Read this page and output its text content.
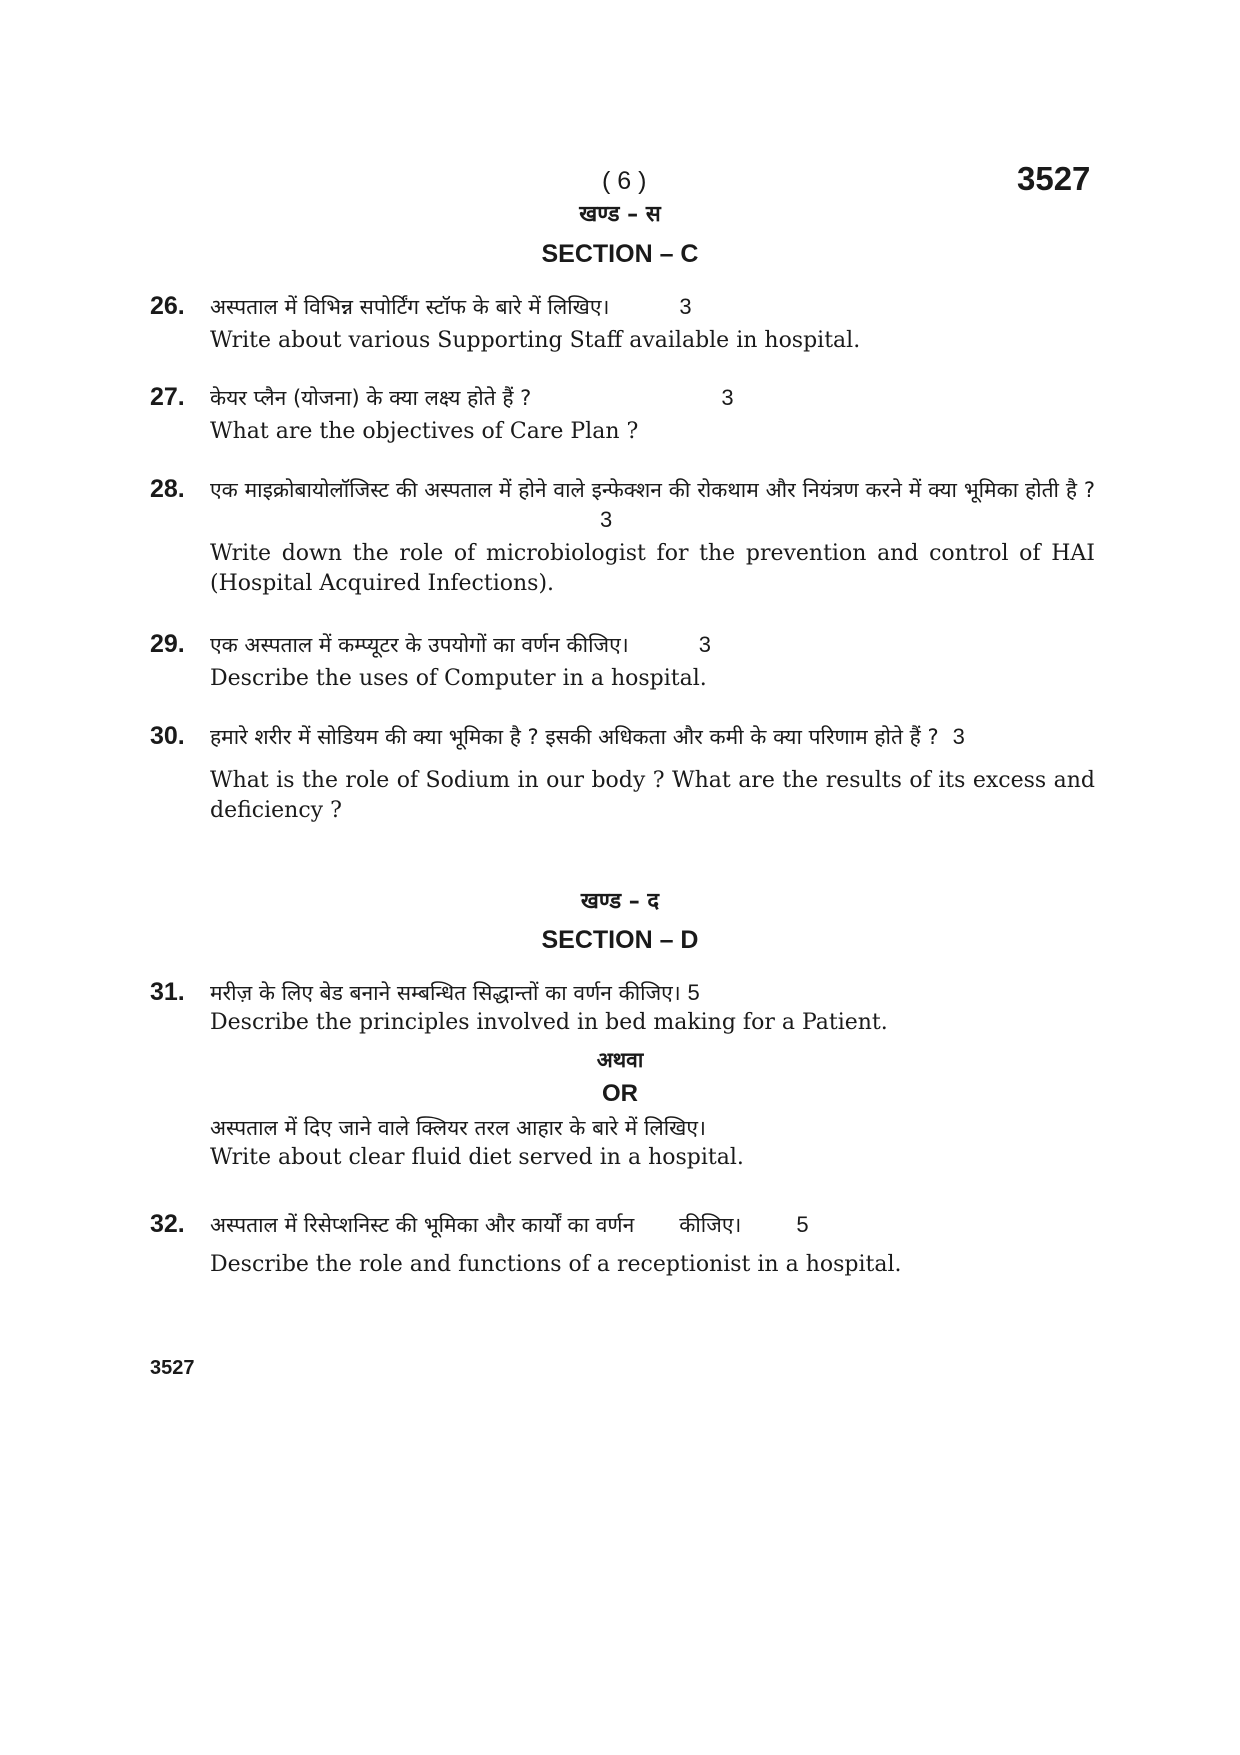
( 6 )	3527
खण्ड – स
SECTION – C
26.	अस्पताल में विभिन्न सपोर्टिंग स्टॉफ के बारे में लिखिए।	3

Write about various Supporting Staff available in hospital.

27.	केयर प्लैन (योजना) के क्या लक्ष्य होते हैं ?	3

What are the objectives of Care Plan ?

28.	एक माइक्रोबायोलॉजिस्ट की अस्पताल में होने वाले इन्फेक्शन की रोकथाम और नियंत्रण करने में क्या भूमिका होती है ?3

Write down the role of microbiologist for the prevention and control of HAI (Hospital Acquired Infections).

29.	एक अस्पताल में कम्प्यूटर के उपयोगों का वर्णन कीजिए।	3

Describe the uses of Computer in a hospital.

30.	हमारे शरीर में सोडियम की क्या भूमिका है ? इसकी अधिकता और कमी के क्या परिणाम होते हैं ? 3

What is the role of Sodium in our body ? What are the results of its excess and deficiency ?

खण्ड – द
SECTION – D
31.	मरीज़ के लिए बेड बनाने सम्बन्धित सिद्धान्तों का वर्णन कीजिए। 5

Describe the principles involved in bed making for a Patient.

अथवा
OR

अस्पताल में दिए जाने वाले क्लियर तरल आहार के बारे में लिखिए।

Write about clear fluid diet served in a hospital.

32.	अस्पताल में रिसेप्शनिस्ट की भूमिका और कार्यों का वर्णन कीजिए।	5

Describe the role and functions of a receptionist in a hospital.

3527
